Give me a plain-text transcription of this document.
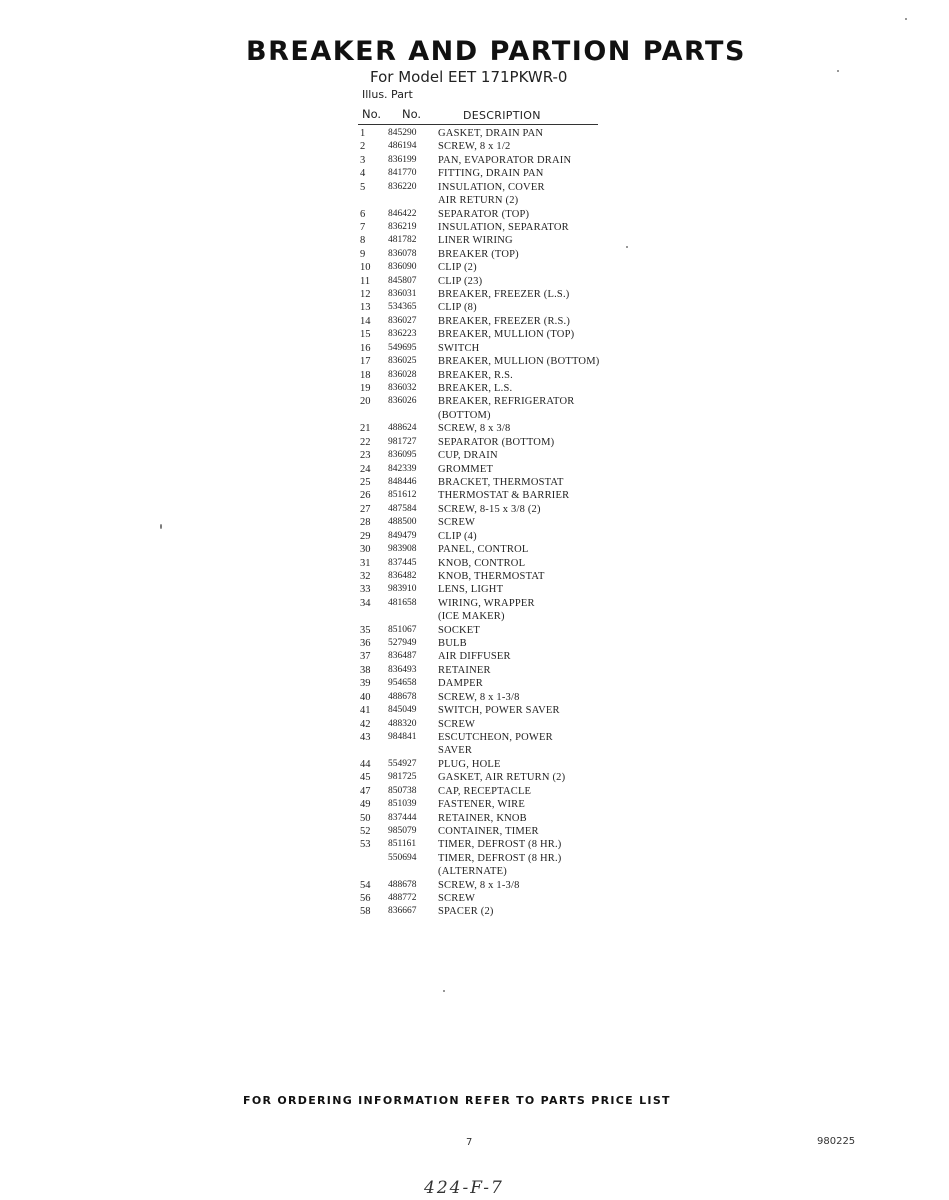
BREAKER AND PARTION PARTS
For Model EET 171PKWR-0
Illus. Part
No. No.	DESCRIPTION
1	845290 GASKET, DRAIN PAN
2	486194 SCREW, 8 x 1/2
3	836199 PAN, EVAPORATOR DRAIN
4	841770 FITTING, DRAIN PAN
5	836220 INSULATION, COVER
AIR RETURN (2)
6	846422 SEPARATOR (TOP)
7	836219 INSULATION, SEPARATOR
8	481782 LINER WIRING
9	836078 BREAKER (TOP)
10	836090 CLIP (2)
11	845807 CLIP (23)
12	836031 BREAKER, FREEZER (L.S.)
13	534365 CLIP (8)
14	836027 BREAKER, FREEZER (R.S.)
15	836223 BREAKER, MULLION (TOP)
16	549695 SWITCH
17	836025 BREAKER, MULLION (BOTTOM)
18	836028 BREAKER, R.S.
19	836032 BREAKER, L.S.
20	836026 BREAKER, REFRIGERATOR
(BOTTOM)
21	488624 SCREW, 8 x 3/8
22	981727 SEPARATOR (BOTTOM)
23	836095 CUP, DRAIN
24	842339 GROMMET
25	848446 BRACKET, THERMOSTAT
26	851612 THERMOSTAT & BARRIER
27	487584 SCREW, 8-15 x 3/8 (2)
28	488500 SCREW
29	849479 CLIP (4)
30	983908 PANEL, CONTROL
31	837445 KNOB, CONTROL
32	836482 KNOB, THERMOSTAT
33	983910 LENS, LIGHT
34	481658 WIRING, WRAPPER
(ICE MAKER)
35	851067 SOCKET
36	527949 BULB
37	836487 AIR DIFFUSER
38	836493 RETAINER
39	954658 DAMPER
40	488678 SCREW, 8 x 1-3/8
41	845049 SWITCH, POWER SAVER
42	488320 SCREW
43	984841 ESCUTCHEON, POWER
SAVER
44	554927 PLUG, HOLE
45	981725 GASKET, AIR RETURN (2)
47	850738 CAP, RECEPTACLE
49	851039 FASTENER, WIRE
50	837444 RETAINER, KNOB
52	985079 CONTAINER, TIMER
53	851161 TIMER, DEFROST (8 HR.)
550694 TIMER, DEFROST (8 HR.)
(ALTERNATE)
54	488678 SCREW, 8 x 1-3/8
56	488772 SCREW
58	836667 SPACER (2)
FOR ORDERING INFORMATION REFER TO PARTS PRICE LIST
7	980225
424-F-7
